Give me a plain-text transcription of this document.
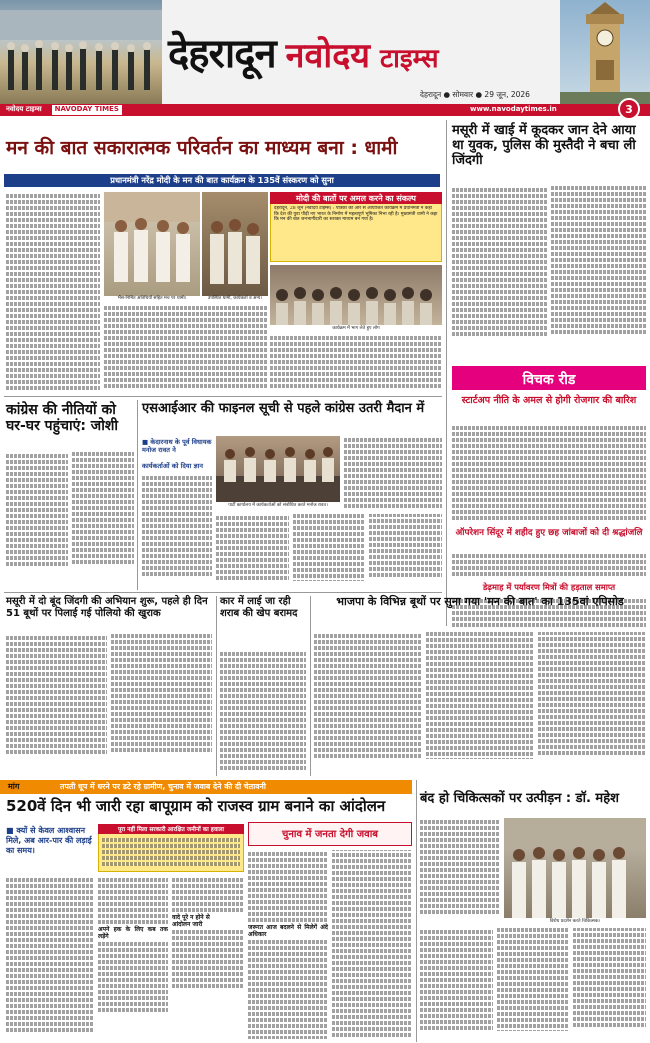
देहरादून नवोदय टाइम्स
देहरादून ● सोमवार ● 29 जून, 2026
नवोदय टाइम्स	NAVODAY TIMES	www.navodaytimes.in	3
मन की बात सकारात्मक परिवर्तन का माध्यम बना : धामी
प्रधानमंत्री नरेंद्र मोदी के मन की बात कार्यक्रम के 135वें संस्करण को सुना
मोदी की बातों पर अमल करने का संकल्प
देहरादून, 28 जून (नवोदय टाइम्स) : पत्रिका की ओर से आयोजित कार्यक्रम में प्रधानमंत्री ने कहा कि देश की युवा पीढ़ी नए भारत के निर्माण में महत्वपूर्ण भूमिका निभा रही है। मुख्यमंत्री धामी ने कहा कि मन की बात जनभागीदारी का सशक्त माध्यम बन गया है।
भैंस-निर्मित अतिथियों सहित मंच पर धामी।	उपस्थित धामी, कार्यकर्ता व अन्य।
कार्यक्रम में भाग लेते हुए लोग
मसूरी में खाई में कूदकर जान देने आया था युवक, पुलिस की मुस्तैदी ने बचा ली जिंदगी
कांग्रेस की नीतियों को घर-घर पहुंचाएं: जोशी
एसआईआर की फाइनल सूची से पहले कांग्रेस उतरी मैदान में
■ केदारनाथ के पूर्व विधायक मनोज रावत ने
कार्यकर्ताओं को दिया ज्ञान
पार्टी कार्यालय में कार्यकर्ताओं को संबोधित करते मनोज रावत।
विचक रीड
स्टार्टअप नीति के अमल से होगी रोजगार की बारिश
ऑपरेशन सिंदूर में शहीद हुए छह जांबाजों को दी श्रद्धांजलि
डेढ़माह में पर्यावरण मित्रों की हड़ताल समाप्त
मसूरी में दो बूंद जिंदगी की अभियान शुरू, पहले ही दिन 51 बूथों पर पिलाई गई पोलियो की खुराक
कार में लाई जा रही शराब की खेप बरामद
भाजपा के विभिन्न बूथों पर सुना गया 'मन की बात' का 135वां एपिसोड
मांग	तपती धूप में धरने पर डटे रहे ग्रामीण, चुनाव में जवाब देने की दी चेतावनी
520वें दिन भी जारी रहा बापूग्राम को राजस्व ग्राम बनाने का आंदोलन
■ क्यों से केवल आश्वासन मिले, अब आर-पार की लड़ाई का समय।
पूरा नहीं मिला सरकारी आरक्षित जमीनों का हवाला
अपने हक के लिए कब तक लड़ेंगे
वादे पूरे न होने से
आंदोलन जारी
चुनाव में जनता देगी जवाब
जरूरत आज बदलने से मिलेगें अंदे अधिकार
बंद हो चिकित्सकों पर उत्पीड़न : डॉ. महेश
विरोध प्रदर्शन करते चिकित्सक।
